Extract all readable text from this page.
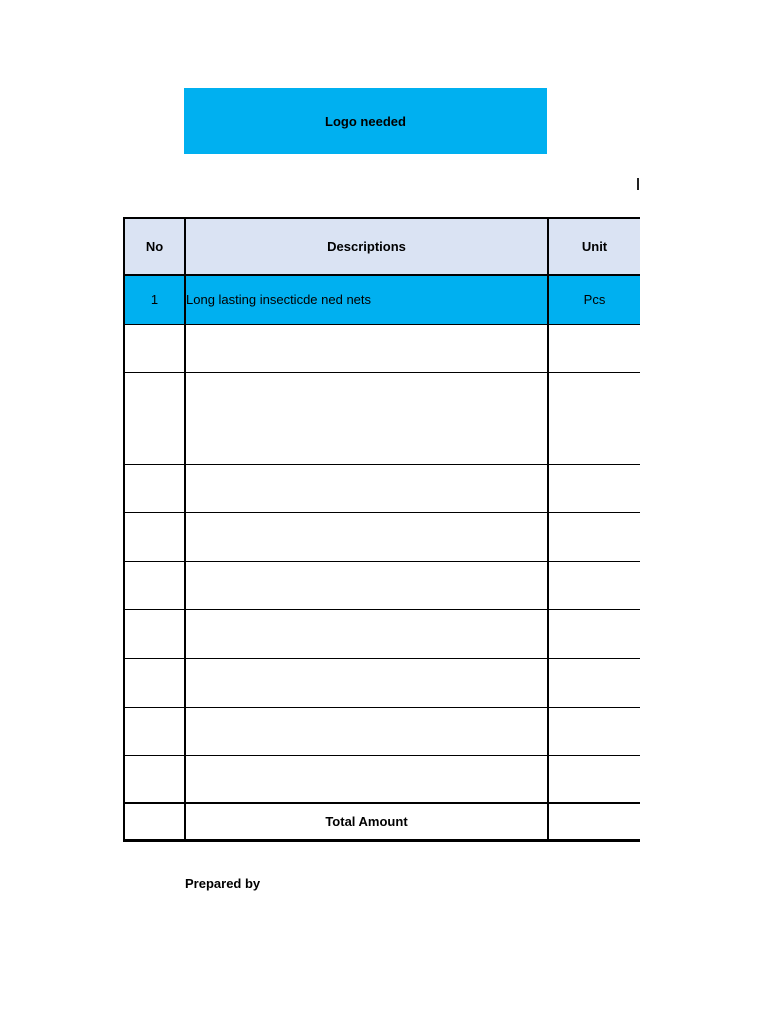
Logo needed
No	Descriptions	Unit
1	Long lasting insecticde ned nets	Pcs

	Total Amount	
Prepared by
